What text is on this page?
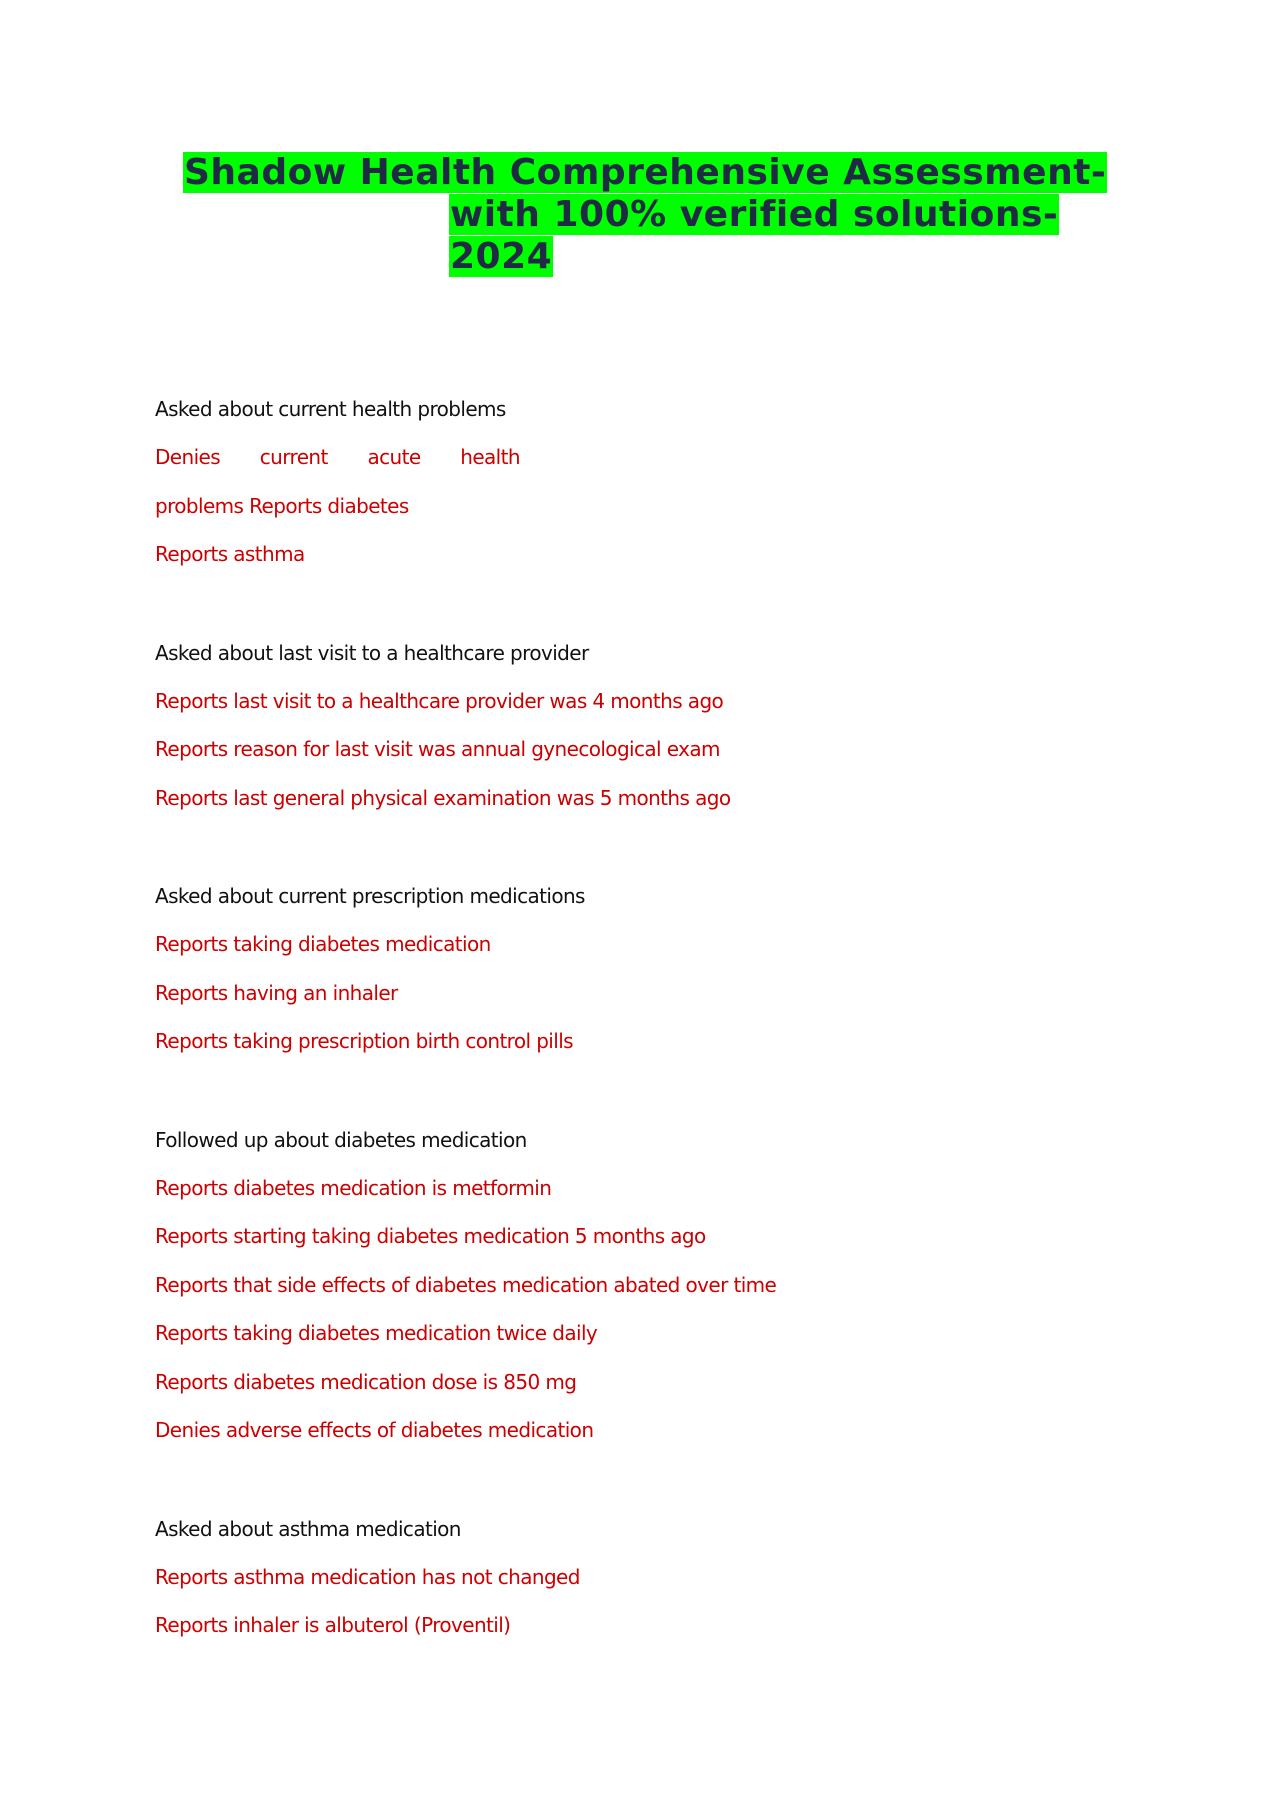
Shadow Health Comprehensive Assessment-
with 100% verified solutions-
2024
Asked about current health problems
Denies current acute health
problems Reports diabetes
Reports asthma
Asked about last visit to a healthcare provider
Reports last visit to a healthcare provider was 4 months ago
Reports reason for last visit was annual gynecological exam
Reports last general physical examination was 5 months ago
Asked about current prescription medications
Reports taking diabetes medication
Reports having an inhaler
Reports taking prescription birth control pills
Followed up about diabetes medication
Reports diabetes medication is metformin
Reports starting taking diabetes medication 5 months ago
Reports that side effects of diabetes medication abated over time
Reports taking diabetes medication twice daily
Reports diabetes medication dose is 850 mg
Denies adverse effects of diabetes medication
Asked about asthma medication
Reports asthma medication has not changed
Reports inhaler is albuterol (Proventil)
